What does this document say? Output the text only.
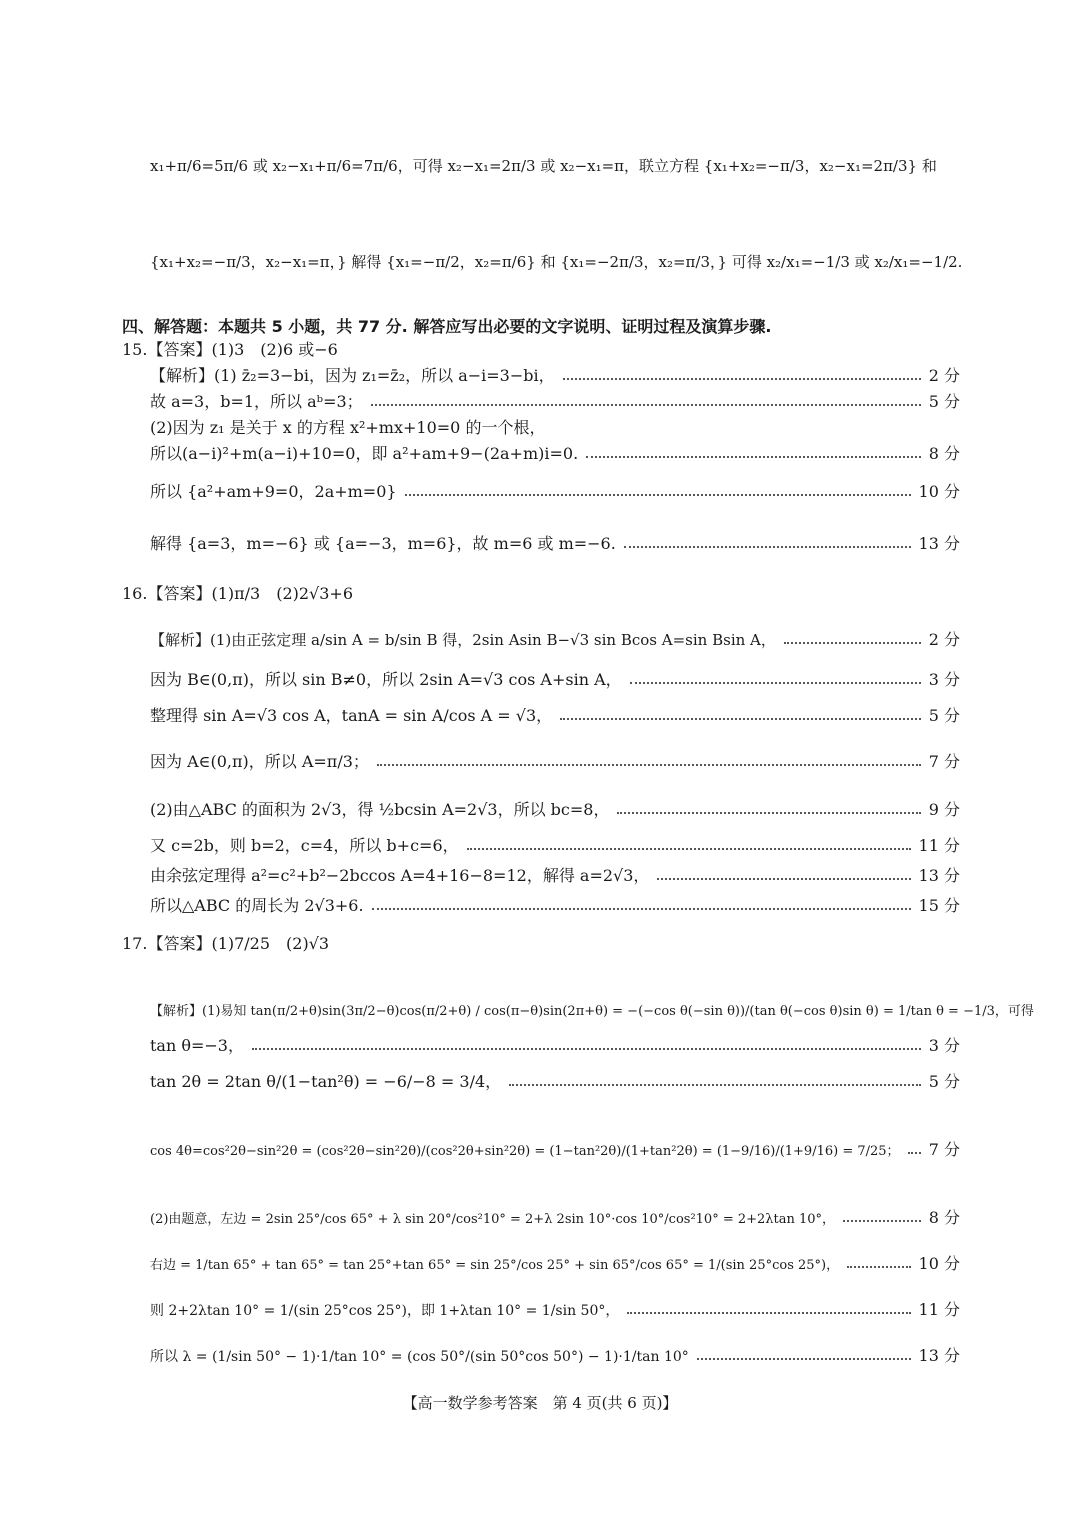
x₁+π/6=5π/6 或 x₂−x₁+π/6=7π/6，可得 x₂−x₁=2π/3 或 x₂−x₁=π，联立方程 {x₁+x₂=−π/3，x₂−x₁=2π/3} 和
{x₁+x₂=−π/3，x₂−x₁=π，} 解得 {x₁=−π/2，x₂=π/6} 和 {x₁=−2π/3，x₂=π/3，} 可得 x₂/x₁=−1/3 或 x₂/x₁=−1/2.
四、解答题：本题共 5 小题，共 77 分. 解答应写出必要的文字说明、证明过程及演算步骤.
15.【答案】(1)3　(2)6 或−6
【解析】(1) z̄₂=3−bi，因为 z₁=z̄₂，所以 a−i=3−bi，	2 分
故 a=3，b=1，所以 aᵇ=3；	5 分
(2)因为 z₁ 是关于 x 的方程 x²+mx+10=0 的一个根，
所以(a−i)²+m(a−i)+10=0，即 a²+am+9−(2a+m)i=0.	8 分
所以 {a²+am+9=0，2a+m=0}	10 分
解得 {a=3，m=−6} 或 {a=−3，m=6}，故 m=6 或 m=−6.	13 分
16.【答案】(1)π/3　(2)2√3+6
【解析】(1)由正弦定理 a/sin A = b/sin B 得，2sin Asin B−√3 sin Bcos A=sin Bsin A，	2 分
因为 B∈(0,π)，所以 sin B≠0，所以 2sin A=√3 cos A+sin A，	3 分
整理得 sin A=√3 cos A，tanA = sin A/cos A = √3，	5 分
因为 A∈(0,π)，所以 A=π/3；	7 分
(2)由△ABC 的面积为 2√3，得 ½bcsin A=2√3，所以 bc=8，	9 分
又 c=2b，则 b=2，c=4，所以 b+c=6，	11 分
由余弦定理得 a²=c²+b²−2bccos A=4+16−8=12，解得 a=2√3，	13 分
所以△ABC 的周长为 2√3+6.	15 分
17.【答案】(1)7/25　(2)√3
【解析】(1)易知 tan(π/2+θ)sin(3π/2−θ)cos(π/2+θ) / cos(π−θ)sin(2π+θ) = −(−cos θ(−sin θ))/(tan θ(−cos θ)sin θ) = 1/tan θ = −1/3，可得
tan θ=−3，	3 分
tan 2θ = 2tan θ/(1−tan²θ) = −6/−8 = 3/4，	5 分
cos 4θ=cos²2θ−sin²2θ = (cos²2θ−sin²2θ)/(cos²2θ+sin²2θ) = (1−tan²2θ)/(1+tan²2θ) = (1−9/16)/(1+9/16) = 7/25； 7 分
(2)由题意，左边 = 2sin 25°/cos 65° + λ sin 20°/cos²10° = 2+λ 2sin 10°·cos 10°/cos²10° = 2+2λtan 10°，	8 分
右边 = 1/tan 65° + tan 65° = tan 25°+tan 65° = sin 25°/cos 25° + sin 65°/cos 65° = 1/(sin 25°cos 25°)，	10 分
则 2+2λtan 10° = 1/(sin 25°cos 25°)，即 1+λtan 10° = 1/sin 50°，	11 分
所以 λ = (1/sin 50° − 1)·1/tan 10° = (cos 50°/(sin 50°cos 50°) − 1)·1/tan 10°	13 分
【高一数学参考答案　第 4 页(共 6 页)】
